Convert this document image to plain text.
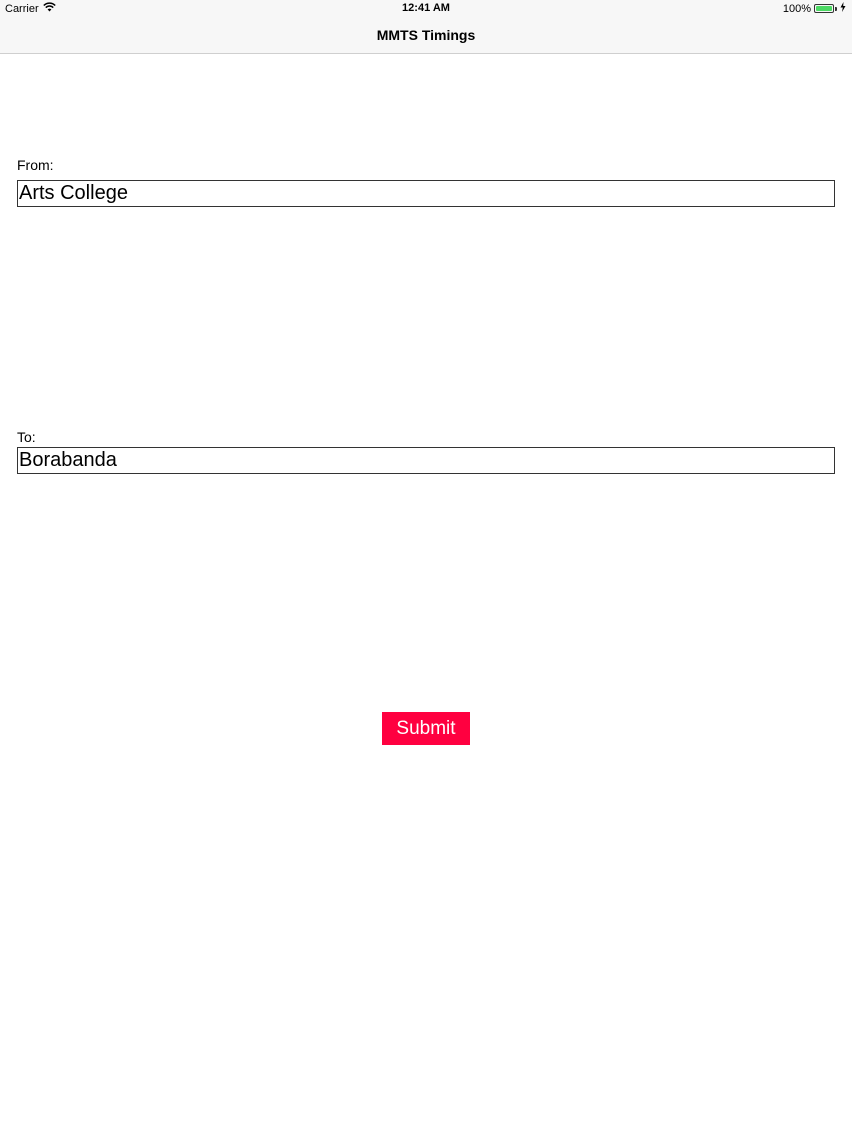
Carrier	12:41 AM	100%
MMTS Timings
From:
Arts College
To:
Borabanda
Submit
